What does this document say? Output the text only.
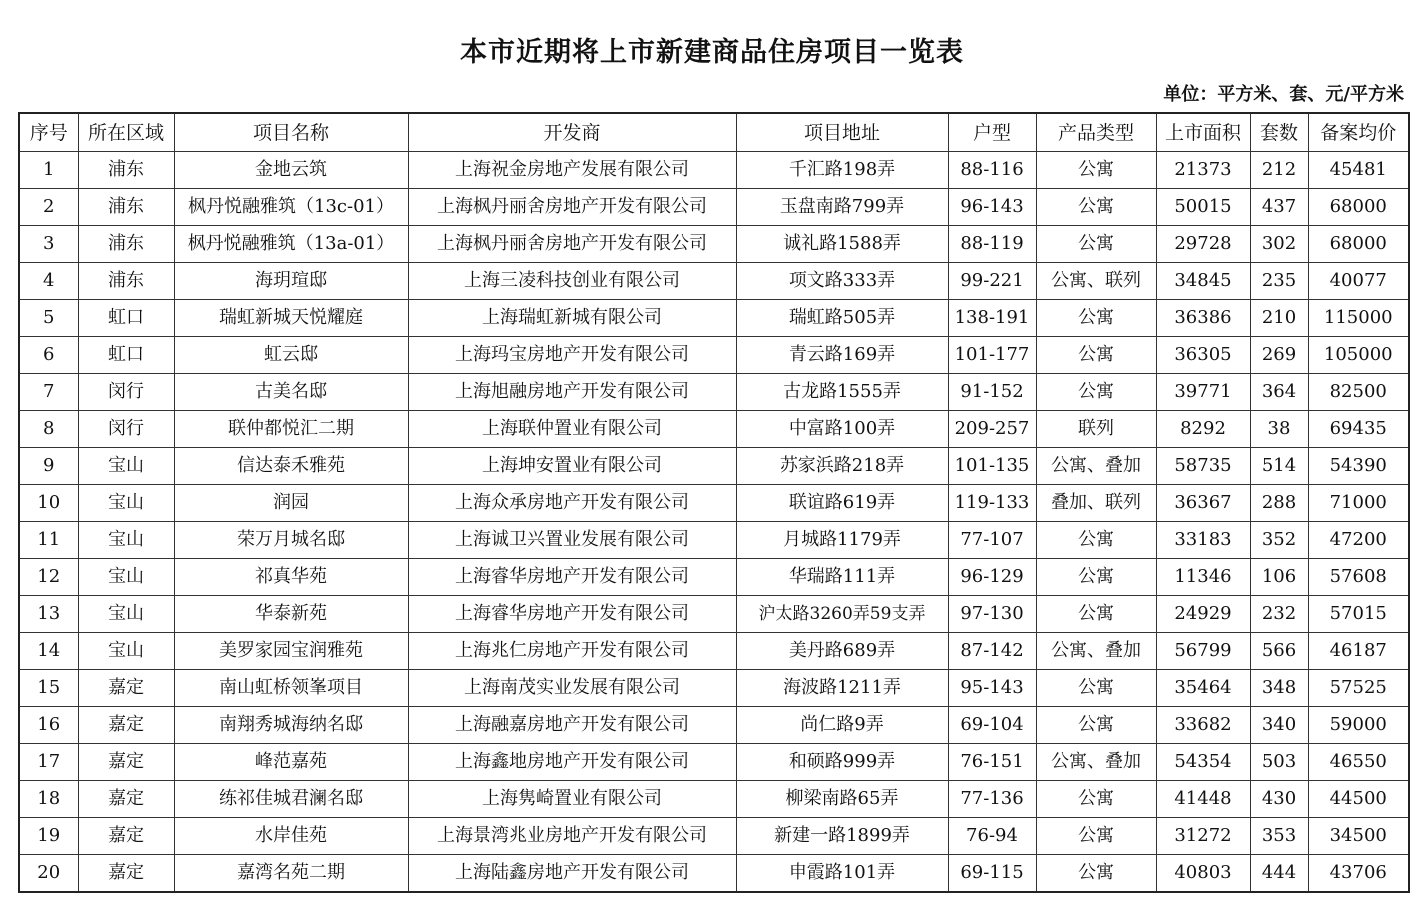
本市近期将上市新建商品住房项目一览表
单位：平方米、套、元/平方米
序号	所在区域	项目名称	开发商	项目地址	户型	产品类型	上市面积	套数	备案均价
1	浦东	金地云筑	上海祝金房地产发展有限公司	千汇路198弄	88-116	公寓	21373	212	45481
2	浦东	枫丹悦融雅筑（13c-01）	上海枫丹丽舍房地产开发有限公司	玉盘南路799弄	96-143	公寓	50015	437	68000
3	浦东	枫丹悦融雅筑（13a-01）	上海枫丹丽舍房地产开发有限公司	诚礼路1588弄	88-119	公寓	29728	302	68000
4	浦东	海玥瑄邸	上海三凌科技创业有限公司	项文路333弄	99-221	公寓、联列	34845	235	40077
5	虹口	瑞虹新城天悦耀庭	上海瑞虹新城有限公司	瑞虹路505弄	138-191	公寓	36386	210	115000
6	虹口	虹云邸	上海玛宝房地产开发有限公司	青云路169弄	101-177	公寓	36305	269	105000
7	闵行	古美名邸	上海旭融房地产开发有限公司	古龙路1555弄	91-152	公寓	39771	364	82500
8	闵行	联仲都悦汇二期	上海联仲置业有限公司	中富路100弄	209-257	联列	8292	38	69435
9	宝山	信达泰禾雅苑	上海坤安置业有限公司	苏家浜路218弄	101-135	公寓、叠加	58735	514	54390
10	宝山	润园	上海众承房地产开发有限公司	联谊路619弄	119-133	叠加、联列	36367	288	71000
11	宝山	荣万月城名邸	上海诚卫兴置业发展有限公司	月城路1179弄	77-107	公寓	33183	352	47200
12	宝山	祁真华苑	上海睿华房地产开发有限公司	华瑞路111弄	96-129	公寓	11346	106	57608
13	宝山	华泰新苑	上海睿华房地产开发有限公司	沪太路3260弄59支弄	97-130	公寓	24929	232	57015
14	宝山	美罗家园宝润雅苑	上海兆仁房地产开发有限公司	美丹路689弄	87-142	公寓、叠加	56799	566	46187
15	嘉定	南山虹桥领峯项目	上海南茂实业发展有限公司	海波路1211弄	95-143	公寓	35464	348	57525
16	嘉定	南翔秀城海纳名邸	上海融嘉房地产开发有限公司	尚仁路9弄	69-104	公寓	33682	340	59000
17	嘉定	峰范嘉苑	上海鑫地房地产开发有限公司	和硕路999弄	76-151	公寓、叠加	54354	503	46550
18	嘉定	练祁佳城君澜名邸	上海隽崎置业有限公司	柳梁南路65弄	77-136	公寓	41448	430	44500
19	嘉定	水岸佳苑	上海景湾兆业房地产开发有限公司	新建一路1899弄	76-94	公寓	31272	353	34500
20	嘉定	嘉湾名苑二期	上海陆鑫房地产开发有限公司	申霞路101弄	69-115	公寓	40803	444	43706
